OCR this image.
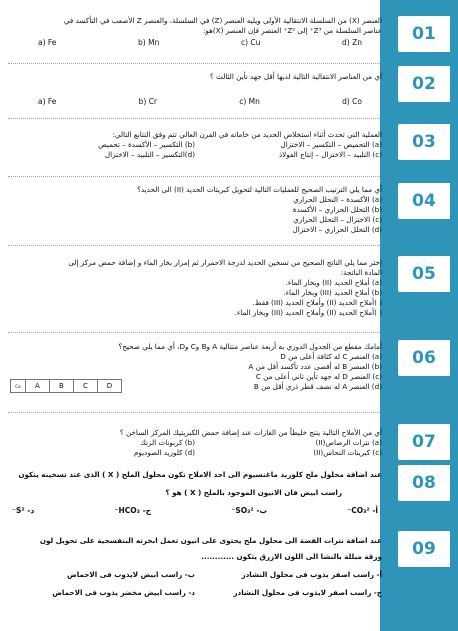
01
02
03
04
05
06
07
08
09

العنصر (X) من السلسلة الانتقالية الأولى ويليه العنصر (Z) في السلسلة، والعنصر Z الأصعب في التأكسد في

عناصر السلسلة من Z³⁺ إلى Z²⁺ العنصر فإن العنصر (X)هو:

a) Fe	b) Mn	c) Cu	d) Zn

أي من العناصر الانتقالية التالية لديها أقل جهد تأين الثالث ؟

a) Fe	b) Cr	c) Mn	d) Co

العملية التي تحدث أثناء استخلاص الحديد من خاماته في الفرن العالي تتم وفق التتابع التالي:

(a) التحميص – التكسير – الاختزال
(b) التكسير – الأكسدة – تحميص
(c) التلبيد – الاختزال – إنتاج الفولاذ
(d)التكسير – التلبيد – الاختزال

أي مما يلي الترتيب الصحيح للعمليات التالية لتحويل كبريتات الحديد (II) الى الحديد؟

(a) الأكسدة – التحلل الحراري

(b) التحلل الحراري – الأكسدة

(c) الاختزال – التحلل الحراري

(d) التحلل الحراري – الاختزال

إختر مما يلي الناتج الصحيح من تسخين الحديد لدرجة الاحمرار ثم إمرار بخار الماء و إضافة حمض مركز إلى

المادة الناتجة:

(a) أملاح الحديد (II) وبخار الماء.

(b) أملاح الحديد (III) وبخار الماء.

( )أملاح الحديد (II) وأملاح الحديد (III) فقط.

( )أملاح الحديد (II) وأملاح الحديد (III) وبخار الماء.

أمامك مقطع من الجدول الدوري به أربعة عناصر متتالية A وB وC وD، أي مما يلي صحيح؟

(a) العنصر C له كثافة أعلى من D

(b) العنصر B له أقصى عدد تأكسد أقل من A

(c) العنصر D له جهد تأين ثاني أعلى من C

(d) العنصر A له نصف قطر ذري أقل من B

Ca	A	B	C	D

أي من الأملاح التالية ينتج خليطاً من الغازات عند إضافة حمض الكبريتيك المركز الساخن ؟

(a) نترات الرصاص(II)
(b) كربونات الزنك
(c) كبريتات النحاس(II)
(d) كلوريد الصوديوم

عند اضافة محلول ملح كلوريد ماغنسيوم الى احد الاملاح تكون محلول الملح ( X ) الذى عند تسخينه يتكون

راسب ابيض فان الانيون الموجود بالملح ( X ) هو ؟

أ- CO₃²⁻
ب- SO₃²⁻
ج- HCO₃⁻
د- S²⁻

عند اضافة نترات الفضة الى محلول ملح يحتوى على انيون تعمل ابخرته البنفسجية على تحويل لون

ورقة مبللة بالنشا الى اللون الازرق يتكون ............

أ- راسب اصفر يذوب فى محلول النشادر
ب- راسب ابيض لايذوب فى الاحماض
ج- راسب اصفر لايذوب فى محلول النشادر
د- راسب ابيض مخضر يذوب فى الاحماض
